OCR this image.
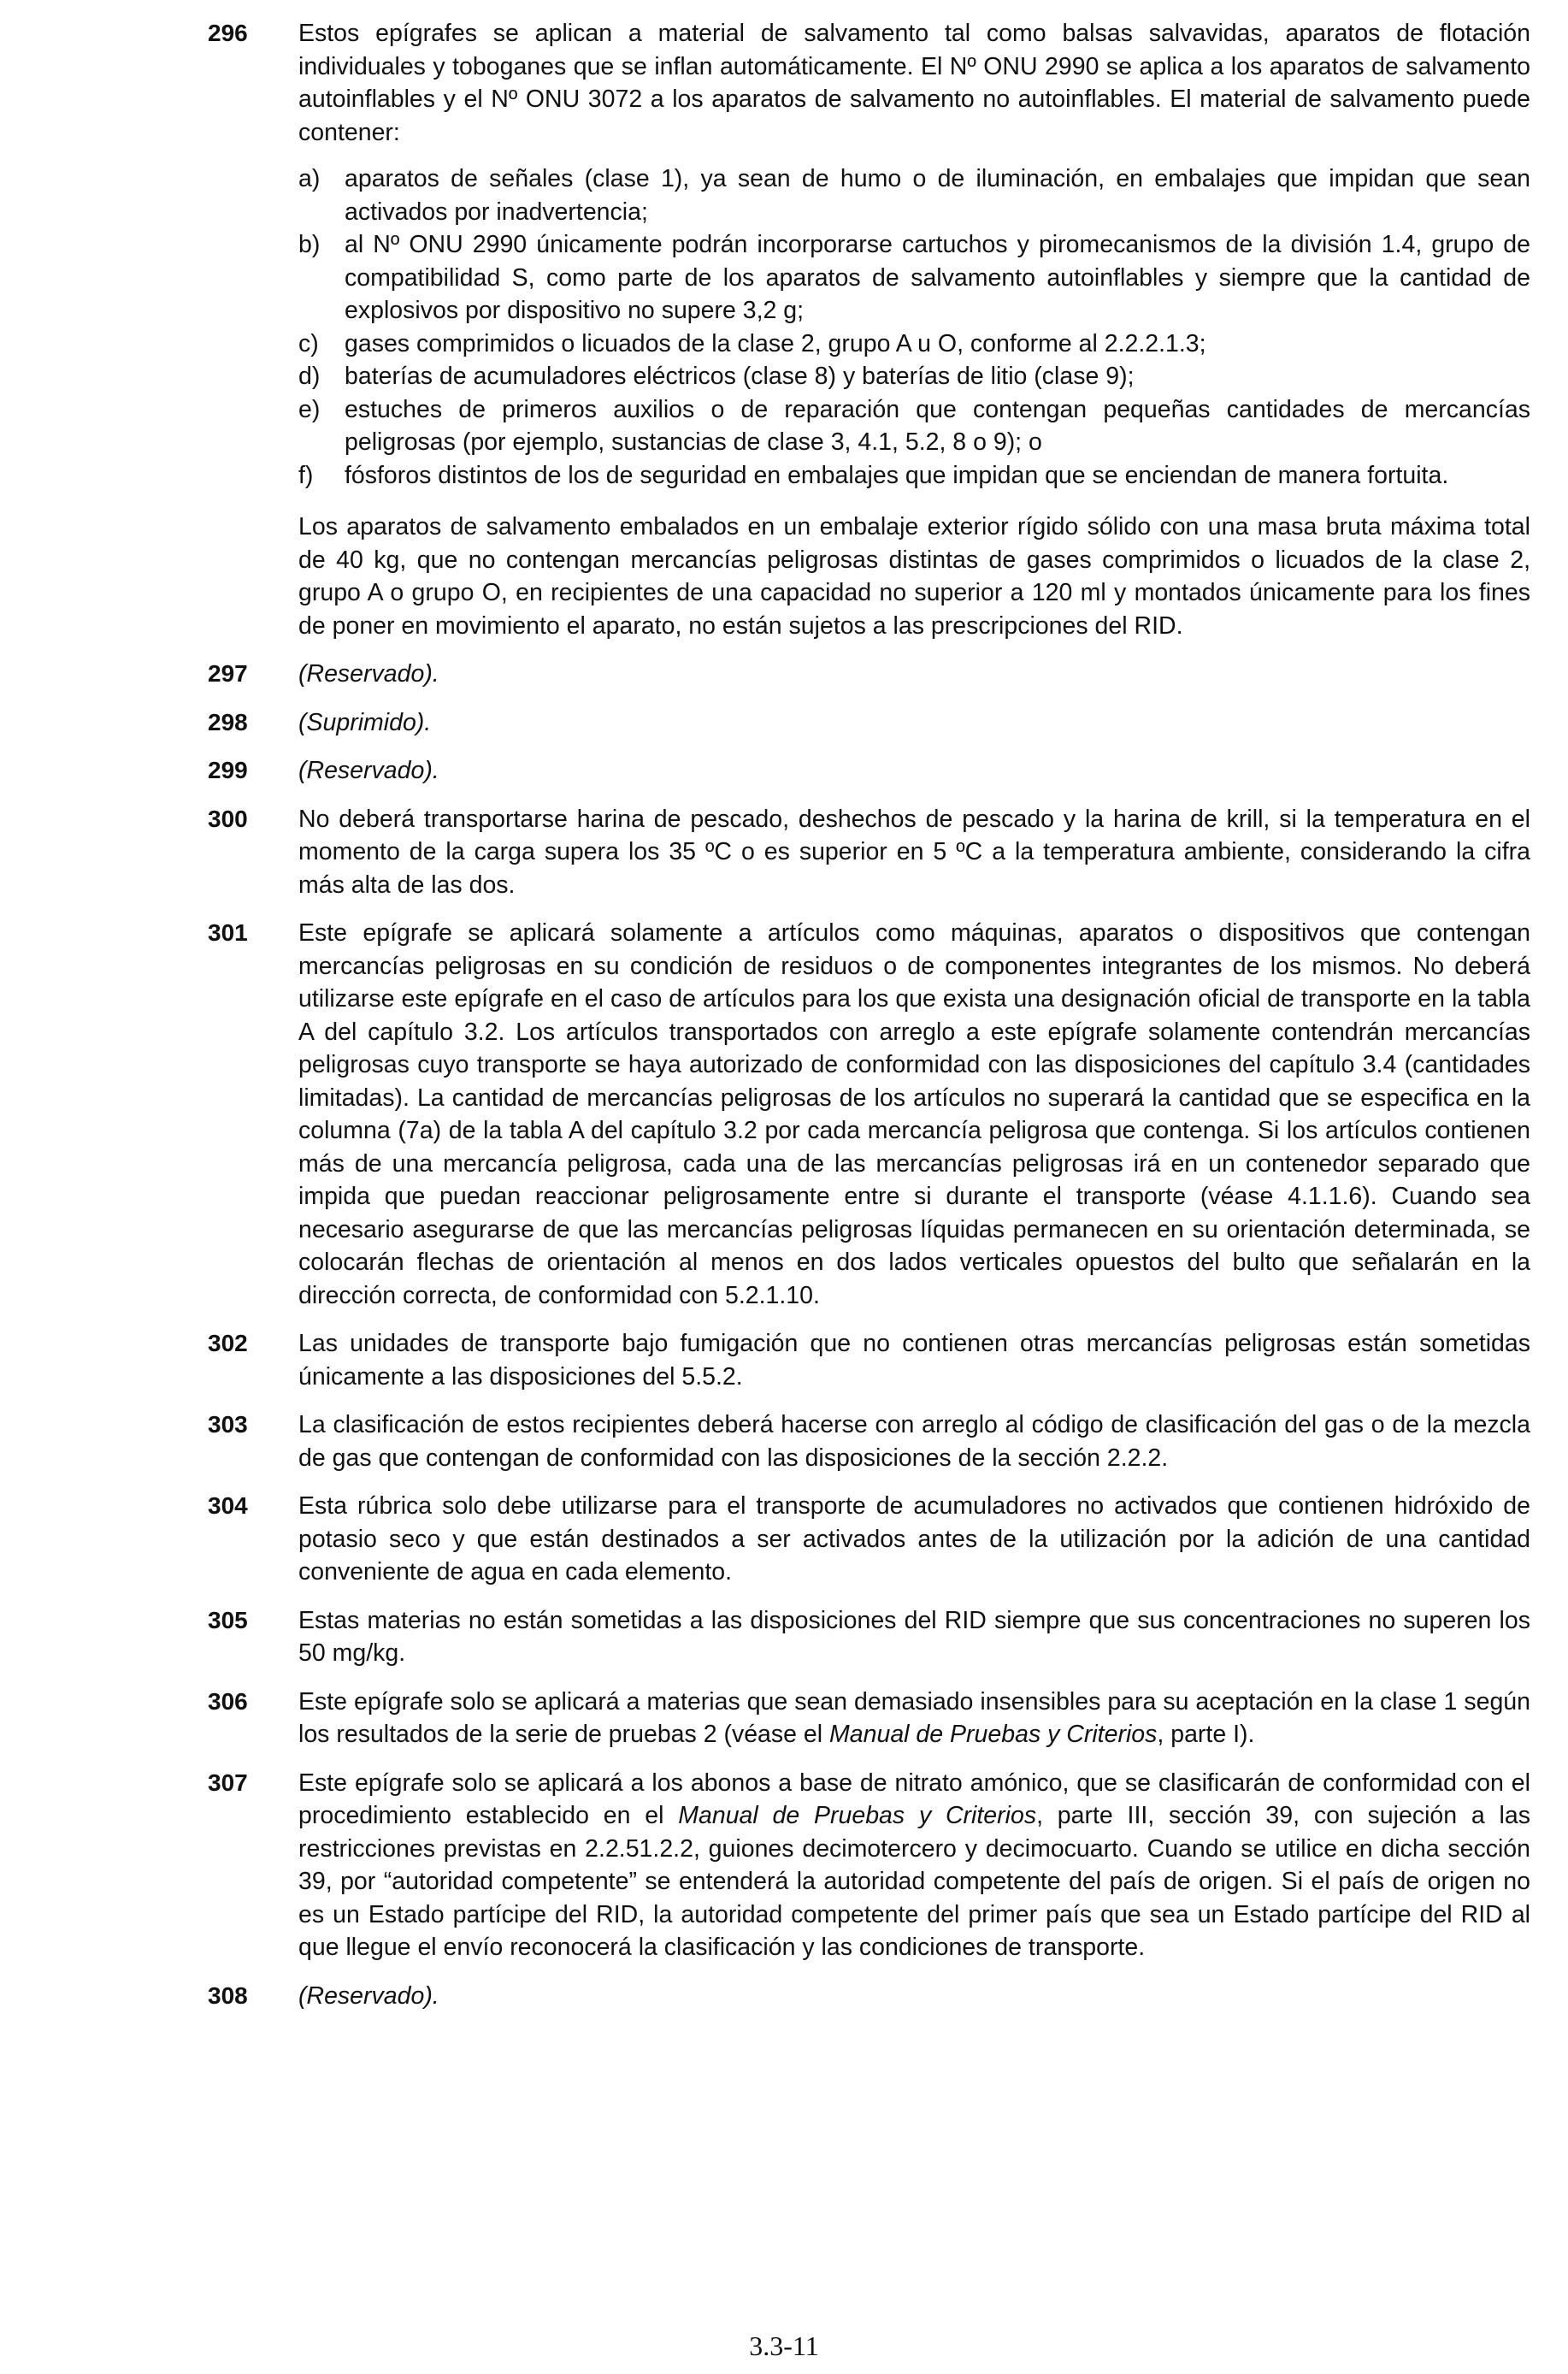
296 Estos epígrafes se aplican a material de salvamento tal como balsas salvavidas, aparatos de flotación individuales y toboganes que se inflan automáticamente. El Nº ONU 2990 se aplica a los aparatos de salvamento autoinflables y el Nº ONU 3072 a los aparatos de salvamento no autoinflables. El material de salvamento puede contener:

a) aparatos de señales (clase 1), ya sean de humo o de iluminación, en embalajes que impidan que sean activados por inadvertencia;
b) al Nº ONU 2990 únicamente podrán incorporarse cartuchos y piromecanismos de la división 1.4, grupo de compatibilidad S, como parte de los aparatos de salvamento autoinflables y siempre que la cantidad de explosivos por dispositivo no supere 3,2 g;
c) gases comprimidos o licuados de la clase 2, grupo A u O, conforme al 2.2.2.1.3;
d) baterías de acumuladores eléctricos (clase 8) y baterías de litio (clase 9);
e) estuches de primeros auxilios o de reparación que contengan pequeñas cantidades de mercancías peligrosas (por ejemplo, sustancias de clase 3, 4.1, 5.2, 8 o 9); o
f) fósforos distintos de los de seguridad en embalajes que impidan que se enciendan de manera fortuita.

Los aparatos de salvamento embalados en un embalaje exterior rígido sólido con una masa bruta máxima total de 40 kg, que no contengan mercancías peligrosas distintas de gases comprimidos o licuados de la clase 2, grupo A o grupo O, en recipientes de una capacidad no superior a 120 ml y montados únicamente para los fines de poner en movimiento el aparato, no están sujetos a las prescripciones del RID.

297 (Reservado).

298 (Suprimido).

299 (Reservado).

300 No deberá transportarse harina de pescado, deshechos de pescado y la harina de krill, si la temperatura en el momento de la carga supera los 35 ºC o es superior en 5 ºC a la temperatura ambiente, considerando la cifra más alta de las dos.

301 Este epígrafe se aplicará solamente a artículos como máquinas, aparatos o dispositivos que contengan mercancías peligrosas en su condición de residuos o de componentes integrantes de los mismos. No deberá utilizarse este epígrafe en el caso de artículos para los que exista una designación oficial de transporte en la tabla A del capítulo 3.2. Los artículos transportados con arreglo a este epígrafe solamente contendrán mercancías peligrosas cuyo transporte se haya autorizado de conformidad con las disposiciones del capítulo 3.4 (cantidades limitadas). La cantidad de mercancías peligrosas de los artículos no superará la cantidad que se especifica en la columna (7a) de la tabla A del capítulo 3.2 por cada mercancía peligrosa que contenga. Si los artículos contienen más de una mercancía peligrosa, cada una de las mercancías peligrosas irá en un contenedor separado que impida que puedan reaccionar peligrosamente entre si durante el transporte (véase 4.1.1.6). Cuando sea necesario asegurarse de que las mercancías peligrosas líquidas permanecen en su orientación determinada, se colocarán flechas de orientación al menos en dos lados verticales opuestos del bulto que señalarán en la dirección correcta, de conformidad con 5.2.1.10.

302 Las unidades de transporte bajo fumigación que no contienen otras mercancías peligrosas están sometidas únicamente a las disposiciones del 5.5.2.

303 La clasificación de estos recipientes deberá hacerse con arreglo al código de clasificación del gas o de la mezcla de gas que contengan de conformidad con las disposiciones de la sección 2.2.2.

304 Esta rúbrica solo debe utilizarse para el transporte de acumuladores no activados que contienen hidróxido de potasio seco y que están destinados a ser activados antes de la utilización por la adición de una cantidad conveniente de agua en cada elemento.

305 Estas materias no están sometidas a las disposiciones del RID siempre que sus concentraciones no superen los 50 mg/kg.

306 Este epígrafe solo se aplicará a materias que sean demasiado insensibles para su aceptación en la clase 1 según los resultados de la serie de pruebas 2 (véase el Manual de Pruebas y Criterios, parte I).

307 Este epígrafe solo se aplicará a los abonos a base de nitrato amónico, que se clasificarán de conformidad con el procedimiento establecido en el Manual de Pruebas y Criterios, parte III, sección 39, con sujeción a las restricciones previstas en 2.2.51.2.2, guiones decimotercero y decimocuarto. Cuando se utilice en dicha sección 39, por “autoridad competente” se entenderá la autoridad competente del país de origen. Si el país de origen no es un Estado partícipe del RID, la autoridad competente del primer país que sea un Estado partícipe del RID al que llegue el envío reconocerá la clasificación y las condiciones de transporte.

308 (Reservado).

3.3-11
